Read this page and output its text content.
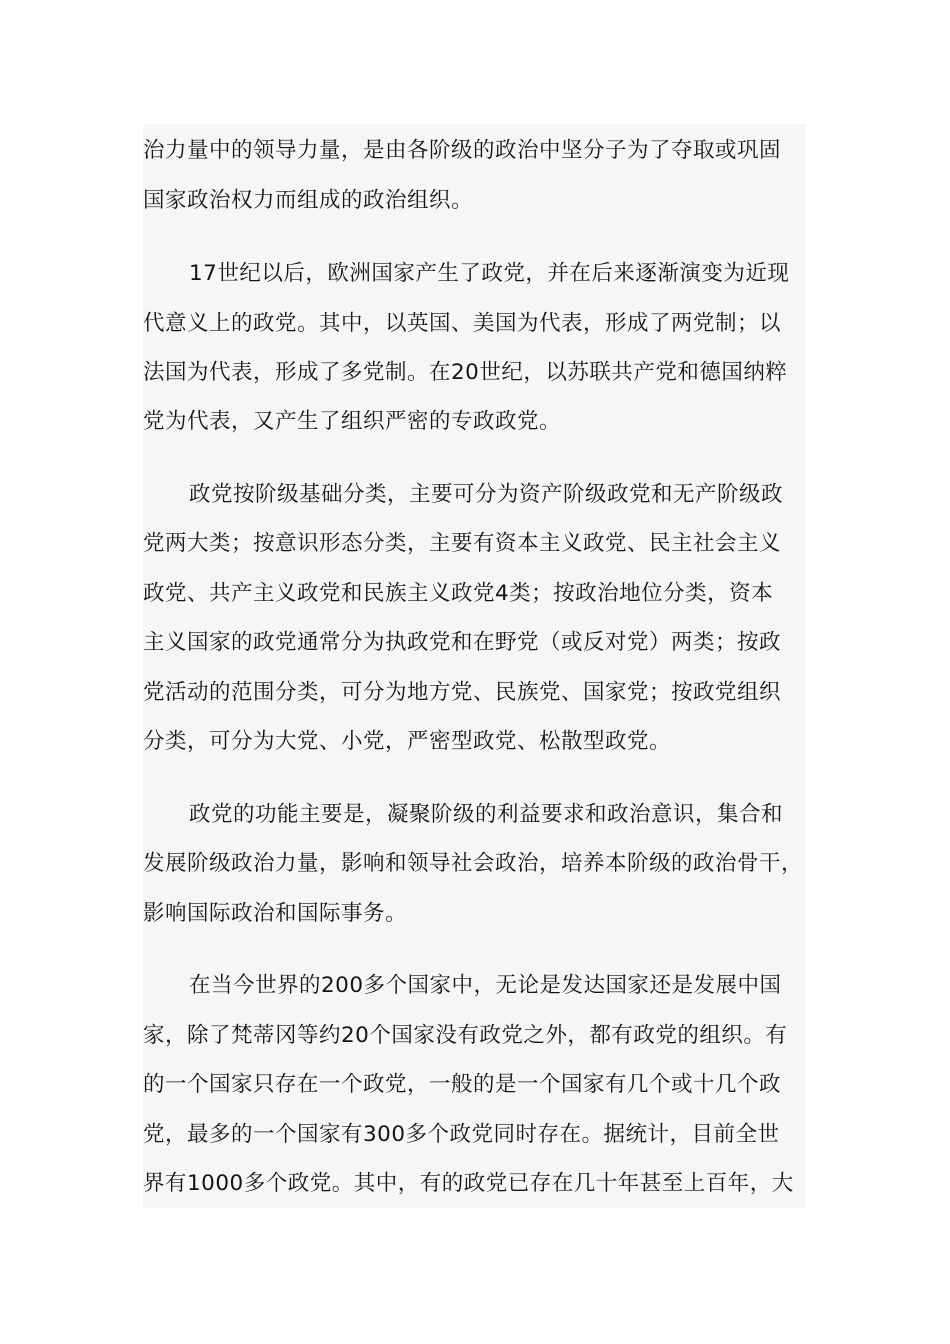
治力量中的领导力量，是由各阶级的政治中坚分子为了夺取或巩固
国家政治权力而组成的政治组织。
17世纪以后，欧洲国家产生了政党，并在后来逐渐演变为近现
代意义上的政党。其中，以英国、美国为代表，形成了两党制；以
法国为代表，形成了多党制。在20世纪，以苏联共产党和德国纳粹
党为代表，又产生了组织严密的专政政党。
政党按阶级基础分类，主要可分为资产阶级政党和无产阶级政
党两大类；按意识形态分类，主要有资本主义政党、民主社会主义
政党、共产主义政党和民族主义政党4类；按政治地位分类，资本
主义国家的政党通常分为执政党和在野党（或反对党）两类；按政
党活动的范围分类，可分为地方党、民族党、国家党；按政党组织
分类，可分为大党、小党，严密型政党、松散型政党。
政党的功能主要是，凝聚阶级的利益要求和政治意识，集合和
发展阶级政治力量，影响和领导社会政治，培养本阶级的政治骨干，
影响国际政治和国际事务。
在当今世界的200多个国家中，无论是发达国家还是发展中国
家，除了梵蒂冈等约20个国家没有政党之外，都有政党的组织。有
的一个国家只存在一个政党，一般的是一个国家有几个或十几个政
党，最多的一个国家有300多个政党同时存在。据统计，目前全世
界有1000多个政党。其中，有的政党已存在几十年甚至上百年，大
